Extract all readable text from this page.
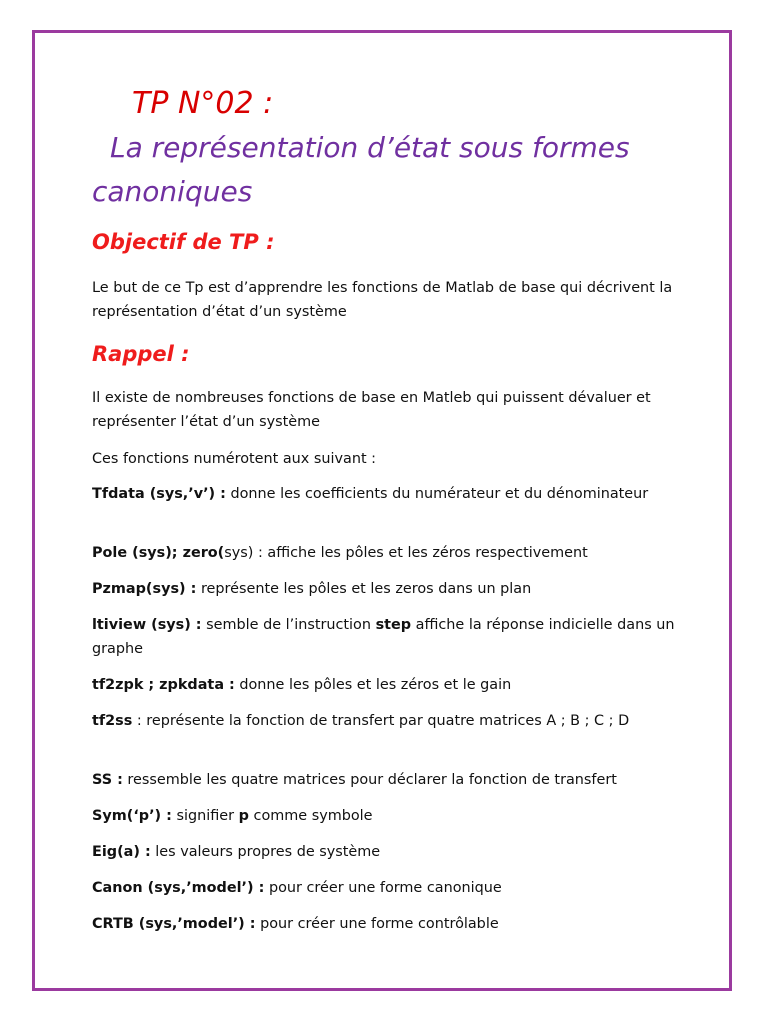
TP N°02 :
La représentation d’état sous formes canoniques
Objectif de TP :

Le but de ce Tp est d’apprendre les fonctions de Matlab de base qui décrivent la représentation d’état d’un système

Rappel :

Il existe de nombreuses fonctions de base en Matleb qui puissent dévaluer et représenter l’état d’un système

Ces fonctions numérotent aux suivant :

Tfdata (sys,’v’) : donne les coefficients du numérateur et du dénominateur

Pole (sys); zero(sys) : affiche les pôles et les zéros respectivement

Pzmap(sys) : représente les pôles et les zeros dans un plan

ltiview (sys) : semble de l’instruction step affiche la réponse indicielle dans un graphe

tf2zpk ; zpkdata : donne les pôles et les zéros et le gain

tf2ss : représente la fonction de transfert par quatre matrices A ; B ; C ; D

SS : ressemble les quatre matrices pour déclarer la fonction de transfert

Sym(‘p’) : signifier p comme symbole

Eig(a) : les valeurs propres de système

Canon (sys,’model’) : pour créer une forme canonique

CRTB (sys,’model’) : pour créer une forme contrôlable
